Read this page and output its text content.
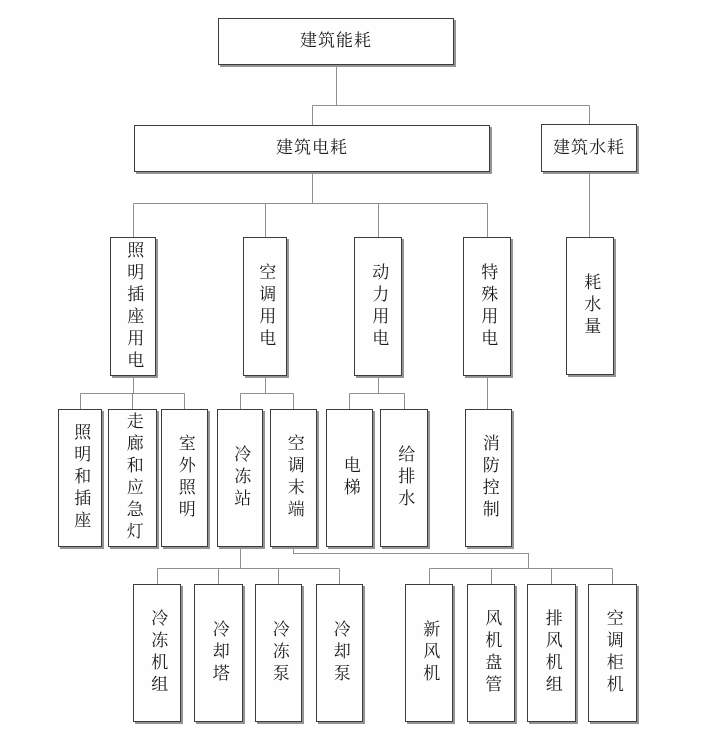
建筑能耗
建筑电耗	建筑水耗
照明插座用电	空调用电	动力用电	特殊用电	耗水量
照明和插座	走廊和应急灯	室外照明	冷冻站	空调末端	电梯	给排水	消防控制
冷冻机组	冷却塔	冷冻泵	冷却泵	新风机	风机盘管	排风机组	空调柜机
